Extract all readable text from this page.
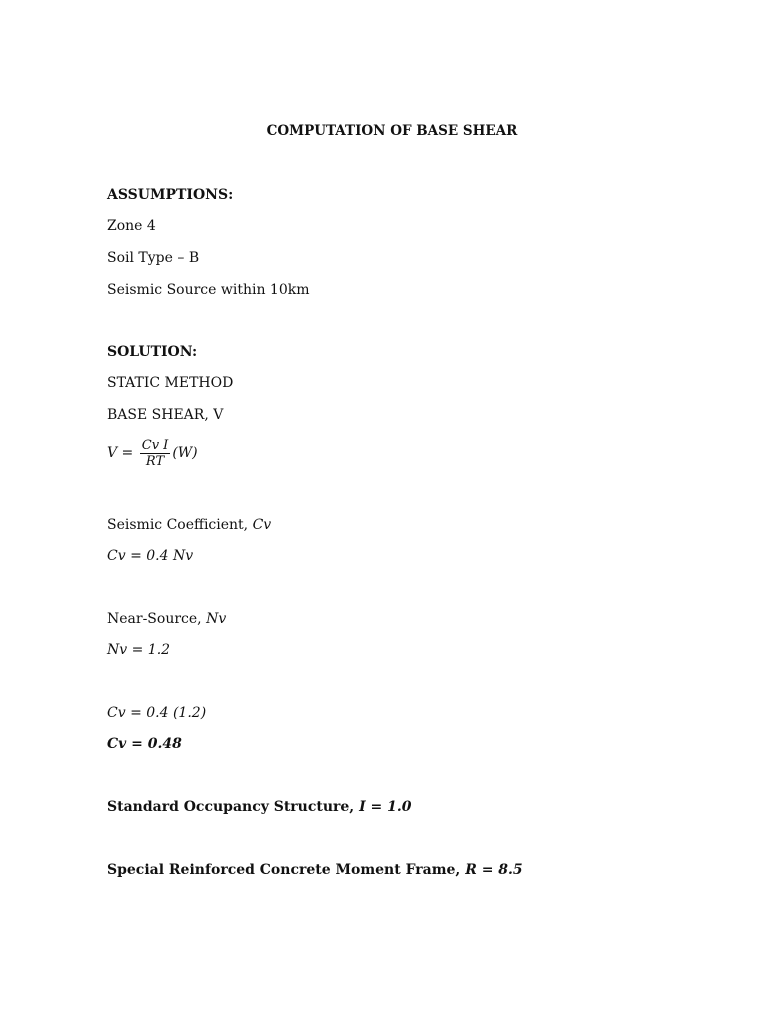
COMPUTATION OF BASE SHEAR
ASSUMPTIONS:
Zone 4
Soil Type – B
Seismic Source within 10km
SOLUTION:
STATIC METHOD
BASE SHEAR, V
$V = \frac{\text{Cv I}}{RT} (W)$
Seismic Coefficient, Cv
Cv = 0.4 Nv
Near-Source, Nv
Nv = 1.2
Cv = 0.4 (1.2)
Cv = 0.48
Standard Occupancy Structure, I = 1.0
Special Reinforced Concrete Moment Frame, R = 8.5
